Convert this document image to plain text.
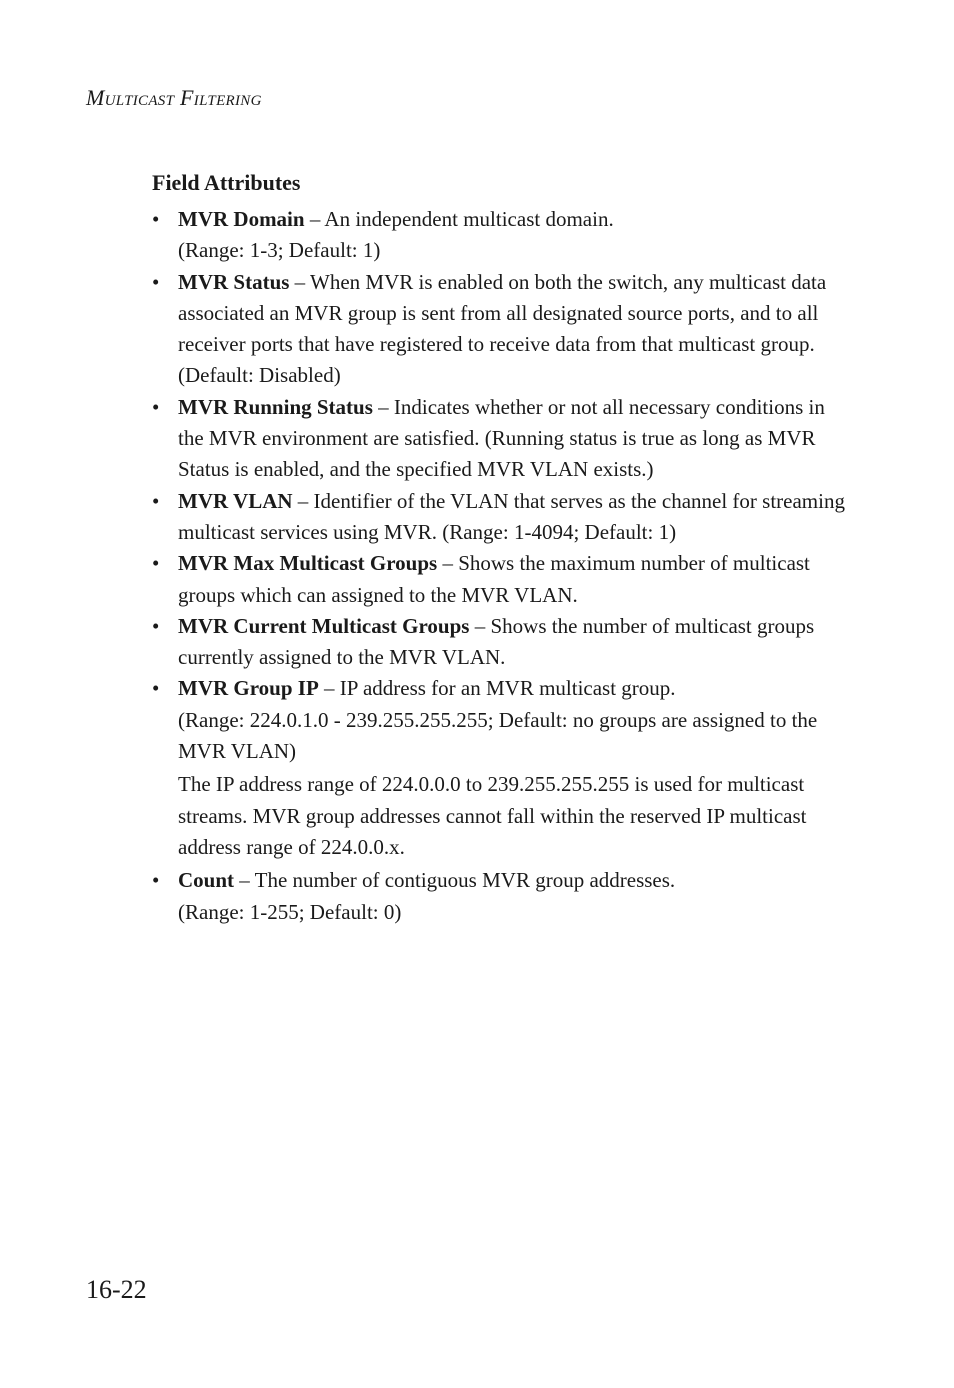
Multicast Filtering

Field Attributes
• MVR Domain – An independent multicast domain.
(Range: 1-3; Default: 1)
• MVR Status – When MVR is enabled on both the switch, any multicast data associated an MVR group is sent from all designated source ports, and to all receiver ports that have registered to receive data from that multicast group. (Default: Disabled)
• MVR Running Status – Indicates whether or not all necessary conditions in the MVR environment are satisfied. (Running status is true as long as MVR Status is enabled, and the specified MVR VLAN exists.)
• MVR VLAN – Identifier of the VLAN that serves as the channel for streaming multicast services using MVR. (Range: 1-4094; Default: 1)
• MVR Max Multicast Groups – Shows the maximum number of multicast groups which can assigned to the MVR VLAN.
• MVR Current Multicast Groups – Shows the number of multicast groups currently assigned to the MVR VLAN.
• MVR Group IP – IP address for an MVR multicast group.
(Range: 224.0.1.0 - 239.255.255.255; Default: no groups are assigned to the MVR VLAN)
The IP address range of 224.0.0.0 to 239.255.255.255 is used for multicast streams. MVR group addresses cannot fall within the reserved IP multicast address range of 224.0.0.x.
• Count – The number of contiguous MVR group addresses.
(Range: 1-255; Default: 0)

16-22
